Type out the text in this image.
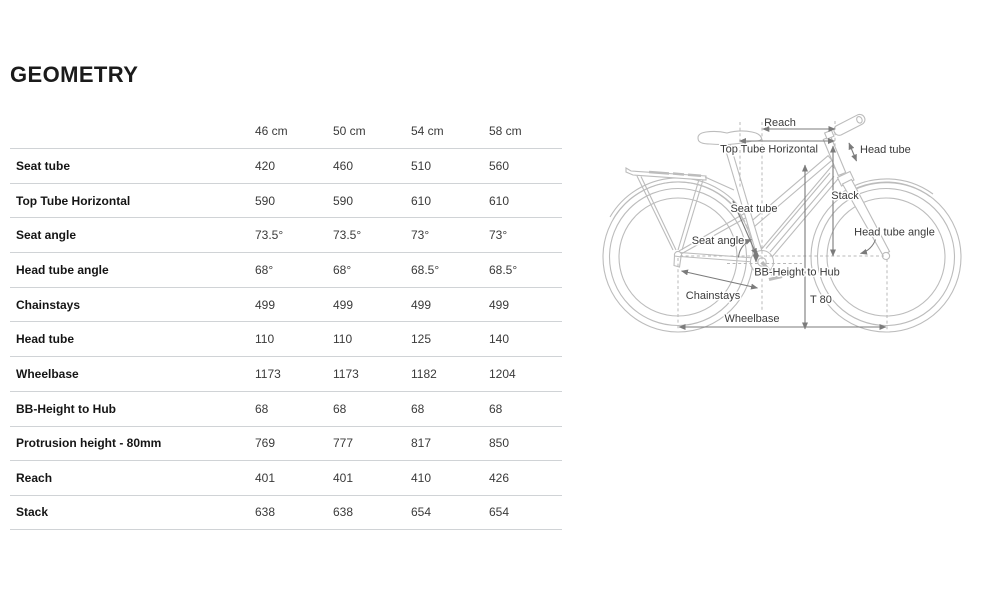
GEOMETRY
46 cm	50 cm	54 cm	58 cm
Seat tube	420	460	510	560
Top Tube Horizontal	590	590	610	610
Seat angle	73.5°	73.5°	73°	73°
Head tube angle	68°	68°	68.5°	68.5°
Chainstays	499	499	499	499
Head tube	110	110	125	140
Wheelbase	1173	1173	1182	1204
BB-Height to Hub	68	68	68	68
Protrusion height - 80mm	769	777	817	850
Reach	401	401	410	426
Stack	638	638	654	654
Reach
Top Tube Horizontal	Head tube
Seat tube
Stack
Seat angle
Head tube angle
BB-Height to Hub
Chainstays	T 80
Wheelbase
